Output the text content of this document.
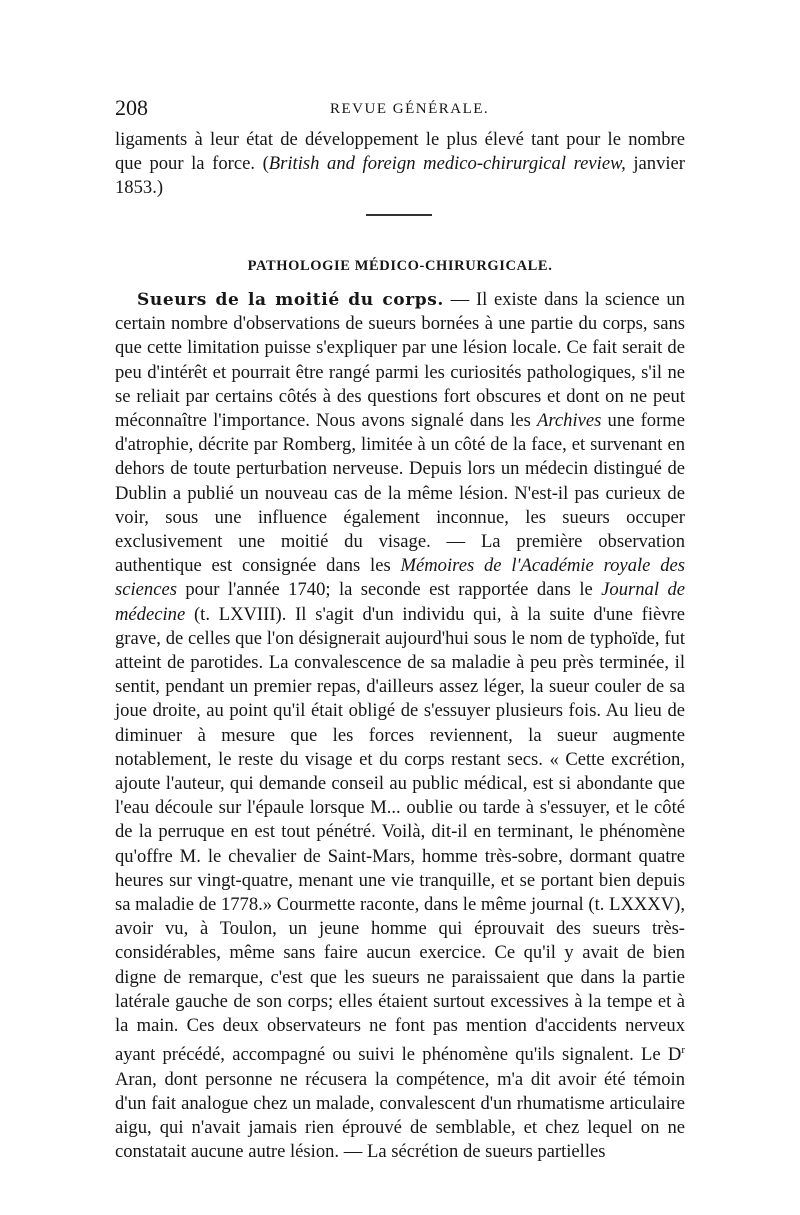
208	REVUE GÉNÉRALE.

ligaments à leur état de développement le plus élevé tant pour le nombre que pour la force. (British and foreign medico-chirurgical review, janvier 1853.)

PATHOLOGIE MÉDICO-CHIRURGICALE.

Sueurs de la moitié du corps. — Il existe dans la science un certain nombre d'observations de sueurs bornées à une partie du corps, sans que cette limitation puisse s'expliquer par une lésion locale. Ce fait serait de peu d'intérêt et pourrait être rangé parmi les curiosités pathologiques, s'il ne se reliait par certains côtés à des questions fort obscures et dont on ne peut méconnaître l'importance. Nous avons signalé dans les Archives une forme d'atrophie, décrite par Romberg, limitée à un côté de la face, et survenant en dehors de toute perturbation nerveuse. Depuis lors un médecin distingué de Dublin a publié un nouveau cas de la même lésion. N'est-il pas curieux de voir, sous une influence également inconnue, les sueurs occuper exclusivement une moitié du visage. — La première observation authentique est consignée dans les Mémoires de l'Académie royale des sciences pour l'année 1740; la seconde est rapportée dans le Journal de médecine (t. LXVIII). Il s'agit d'un individu qui, à la suite d'une fièvre grave, de celles que l'on désignerait aujourd'hui sous le nom de typhoïde, fut atteint de parotides. La convalescence de sa maladie à peu près terminée, il sentit, pendant un premier repas, d'ailleurs assez léger, la sueur couler de sa joue droite, au point qu'il était obligé de s'essuyer plusieurs fois. Au lieu de diminuer à mesure que les forces reviennent, la sueur augmente notablement, le reste du visage et du corps restant secs. « Cette excrétion, ajoute l'auteur, qui demande conseil au public médical, est si abondante que l'eau découle sur l'épaule lorsque M... oublie ou tarde à s'essuyer, et le côté de la perruque en est tout pénétré. Voilà, dit-il en terminant, le phénomène qu'offre M. le chevalier de Saint-Mars, homme très-sobre, dormant quatre heures sur vingt-quatre, menant une vie tranquille, et se portant bien depuis sa maladie de 1778.» Courmette raconte, dans le même journal (t. LXXXV), avoir vu, à Toulon, un jeune homme qui éprouvait des sueurs très-considérables, même sans faire aucun exercice. Ce qu'il y avait de bien digne de remarque, c'est que les sueurs ne paraissaient que dans la partie latérale gauche de son corps; elles étaient surtout excessives à la tempe et à la main. Ces deux observateurs ne font pas mention d'accidents nerveux ayant précédé, accompagné ou suivi le phénomène qu'ils signalent. Le $D^r$ Aran, dont personne ne récusera la compétence, m'a dit avoir été témoin d'un fait analogue chez un malade, convalescent d'un rhumatisme articulaire aigu, qui n'avait jamais rien éprouvé de semblable, et chez lequel on ne constatait aucune autre lésion. — La sécrétion de sueurs partielles
